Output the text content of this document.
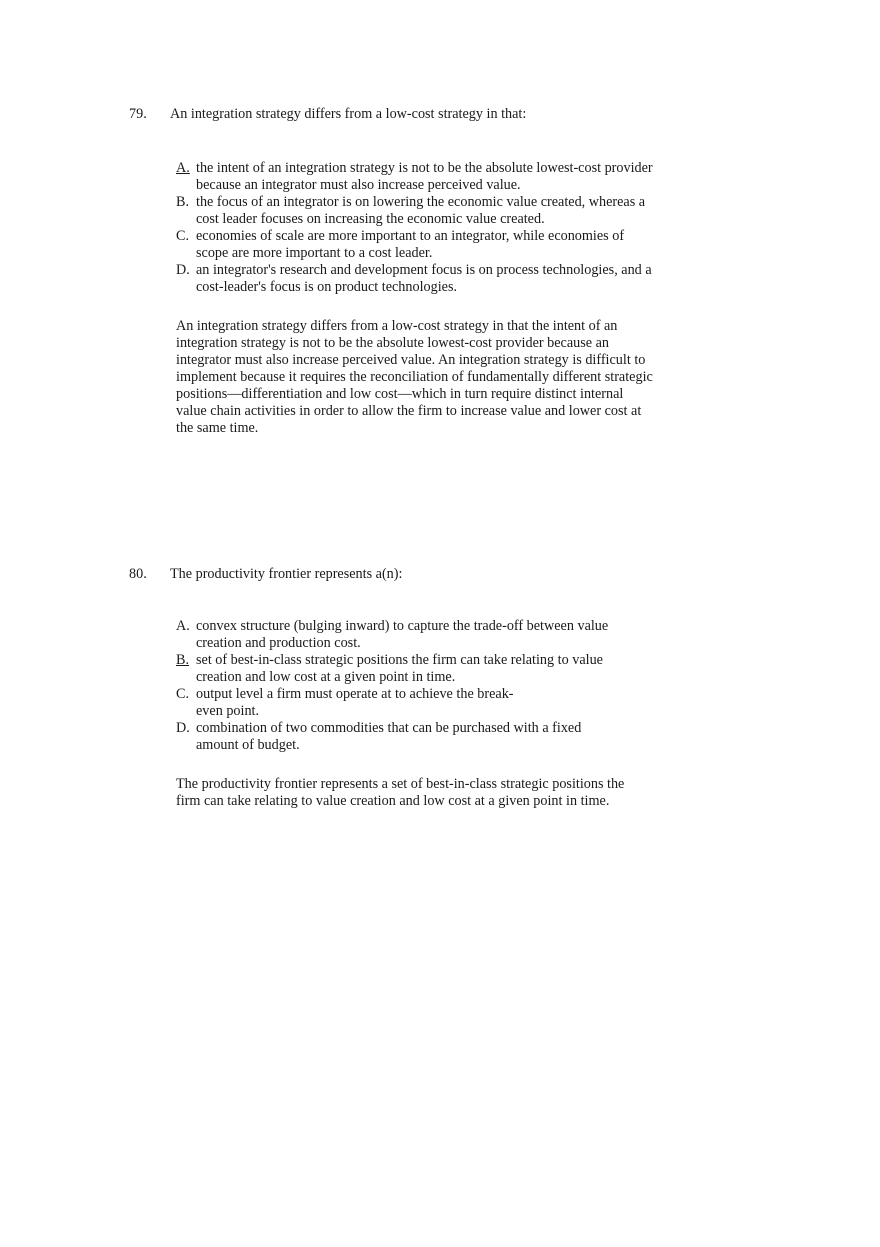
79. An integration strategy differs from a low-cost strategy in that:
A. the intent of an integration strategy is not to be the absolute lowest-cost provider because an integrator must also increase perceived value.
B. the focus of an integrator is on lowering the economic value created, whereas a cost leader focuses on increasing the economic value created.
C. economies of scale are more important to an integrator, while economies of scope are more important to a cost leader.
D. an integrator's research and development focus is on process technologies, and a cost-leader's focus is on product technologies.
An integration strategy differs from a low-cost strategy in that the intent of an integration strategy is not to be the absolute lowest-cost provider because an integrator must also increase perceived value. An integration strategy is difficult to implement because it requires the reconciliation of fundamentally different strategic positions—differentiation and low cost—which in turn require distinct internal value chain activities in order to allow the firm to increase value and lower cost at the same time.
80. The productivity frontier represents a(n):
A. convex structure (bulging inward) to capture the trade-off between value creation and production cost.
B. set of best-in-class strategic positions the firm can take relating to value creation and low cost at a given point in time.
C. output level a firm must operate at to achieve the break-even point.
D. combination of two commodities that can be purchased with a fixed amount of budget.
The productivity frontier represents a set of best-in-class strategic positions the firm can take relating to value creation and low cost at a given point in time.
